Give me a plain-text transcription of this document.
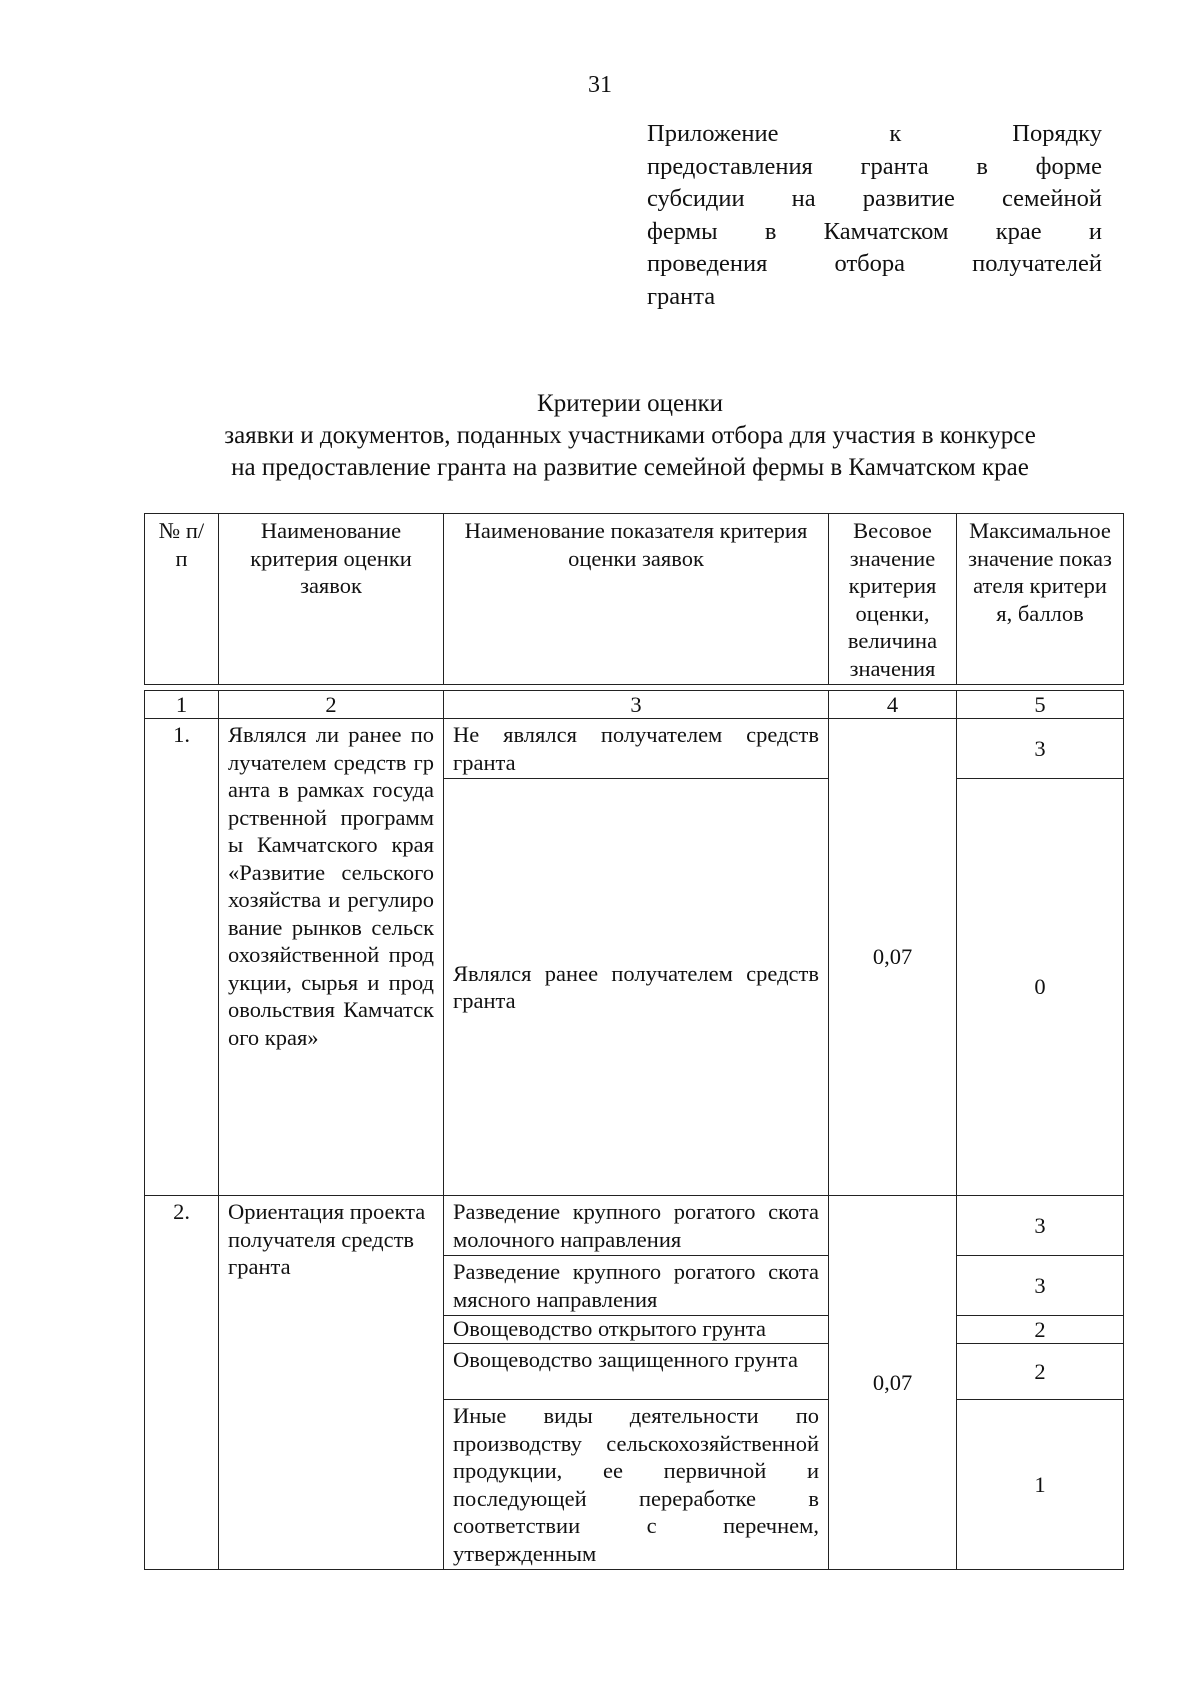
31
Приложение к Порядку
предоставления гранта в форме
субсидии на развитие семейной
фермы в Камчатском крае и
проведения отбора получателей
гранта
Критерии оценки
заявки и документов, поданных участниками отбора для участия в конкурсе
на предоставление гранта на развитие семейной фермы в Камчатском крае
№ п/п	Наименование критерия оценки заявок	Наименование показателя критерия оценки заявок	Весовое значение критерия оценки, величина значения	Максимальное значение показателя критерия, баллов
1	2	3	4	5
1.	Являлся ли ранее получателем средств гранта в рамках государственной программы Камчатского края «Развитие сельского хозяйства и регулирование рынков сельскохозяйственной продукции, сырья и продовольствия Камчатского края»	Не являлся получателем средств гранта	0,07	3
		Являлся ранее получателем средств гранта		0
2.	Ориентация проекта получателя средств гранта	Разведение крупного рогатого скота молочного направления	0,07	3
		Разведение крупного рогатого скота мясного направления		3
		Овощеводство открытого грунта		2
		Овощеводство защищенного грунта		2
		Иные виды деятельности по производству сельскохозяйственной продукции, ее первичной и последующей переработке в соответствии с перечнем, утвержденным		1
